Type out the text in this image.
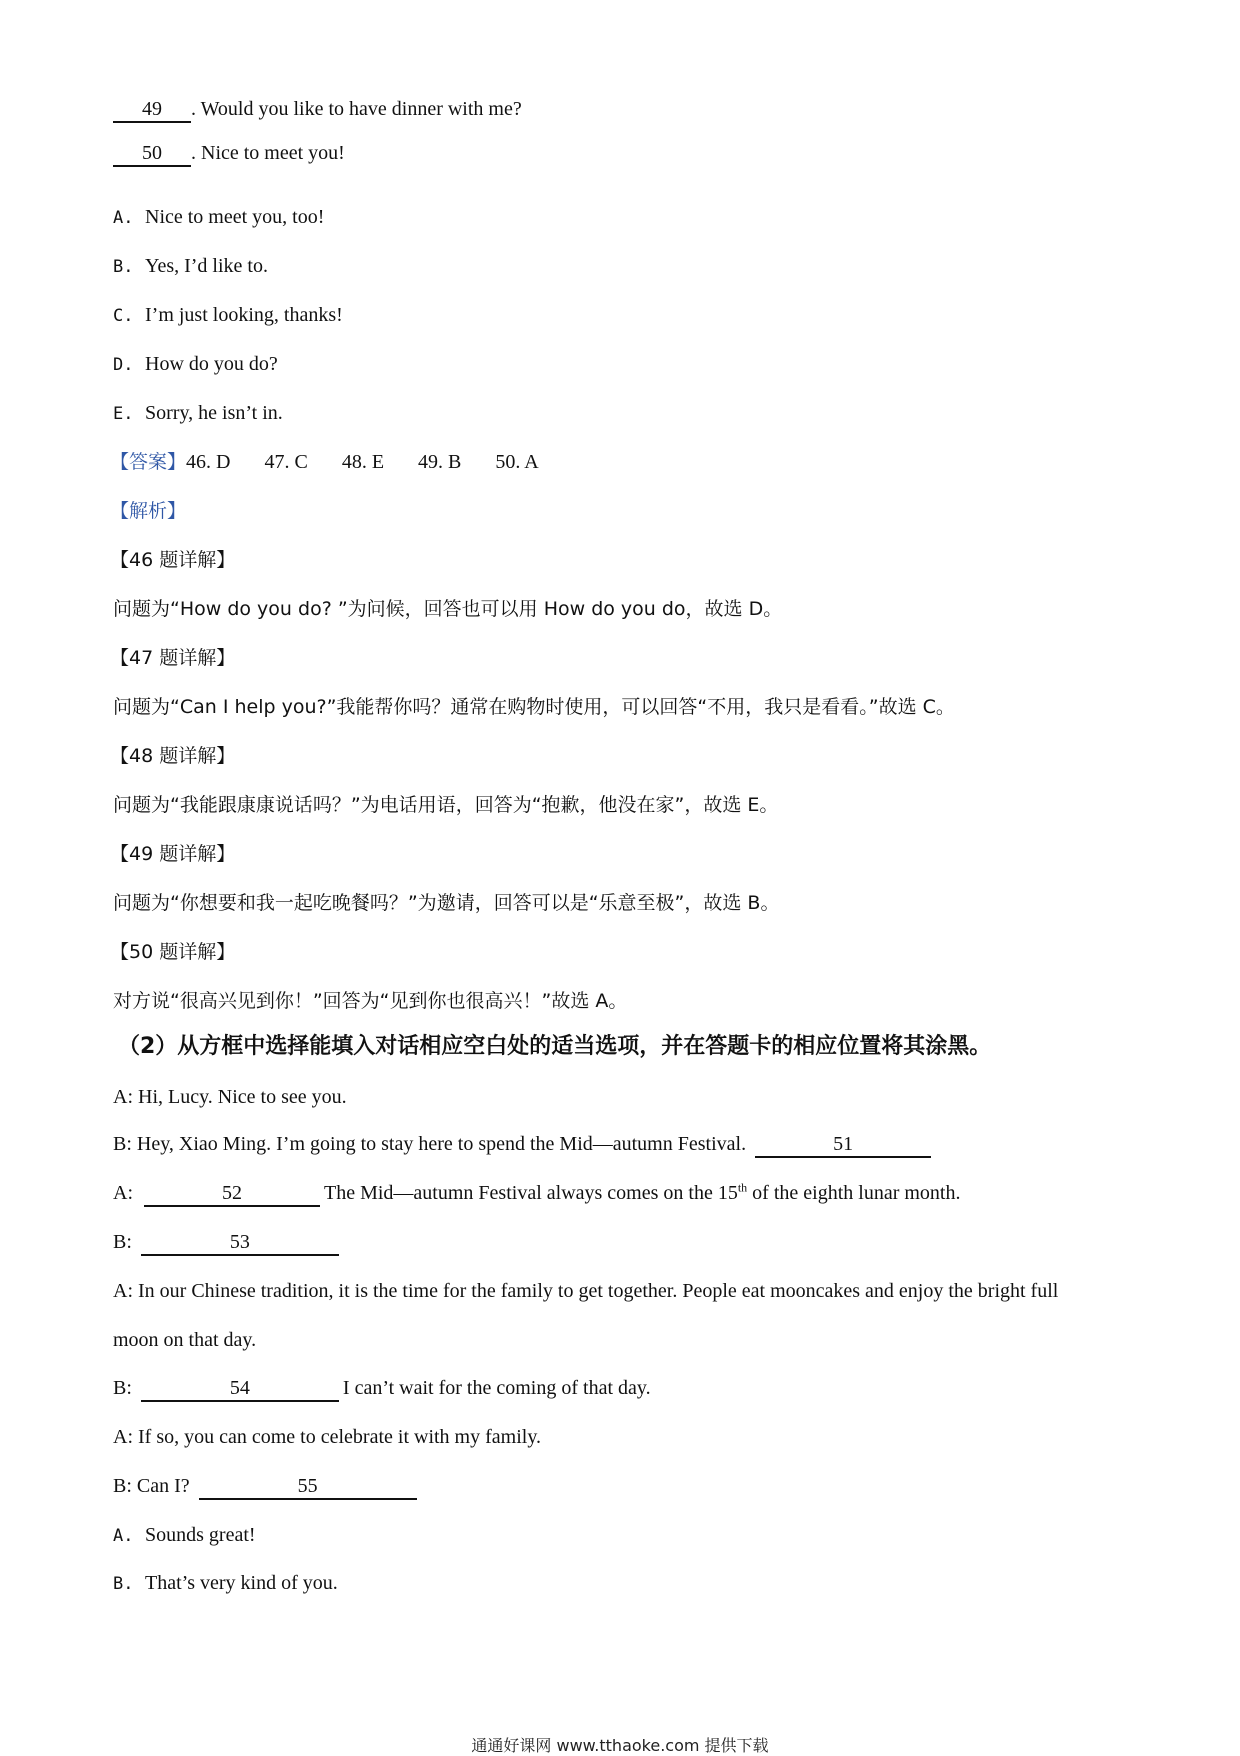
49 . Would you like to have dinner with me?
50 . Nice to meet you!
A. Nice to meet you, too!
B. Yes, I’d like to.
C. I’m just looking, thanks!
D. How do you do?
E. Sorry, he isn’t in.
【答案】46. D 47. C 48. E 49. B 50. A
【解析】
【46 题详解】
问题为“How do you do? ”为问候，回答也可以用 How do you do，故选 D。
【47 题详解】
问题为“Can I help you?”我能帮你吗？通常在购物时使用，可以回答“不用，我只是看看。”故选 C。
【48 题详解】
问题为“我能跟康康说话吗？”为电话用语，回答为“抱歉，他没在家”，故选 E。
【49 题详解】
问题为“你想要和我一起吃晚餐吗？”为邀请，回答可以是“乐意至极”，故选 B。
【50 题详解】
对方说“很高兴见到你！”回答为“见到你也很高兴！”故选 A。
（2）从方框中选择能填入对话相应空白处的适当选项，并在答题卡的相应位置将其涂黑。
A: Hi, Lucy. Nice to see you.
B: Hey, Xiao Ming. I’m going to stay here to spend the Mid—autumn Festival.	51
A:	52	The Mid—autumn Festival always comes on the 15th of the eighth lunar month.
B:	53
A: In our Chinese tradition, it is the time for the family to get together. People eat mooncakes and enjoy the bright full
moon on that day.
B:	54	I can’t wait for the coming of that day.
A: If so, you can come to celebrate it with my family.
B: Can I?	55
A. Sounds great!
B. That’s very kind of you.
通通好课网 www.tthaoke.com 提供下载
